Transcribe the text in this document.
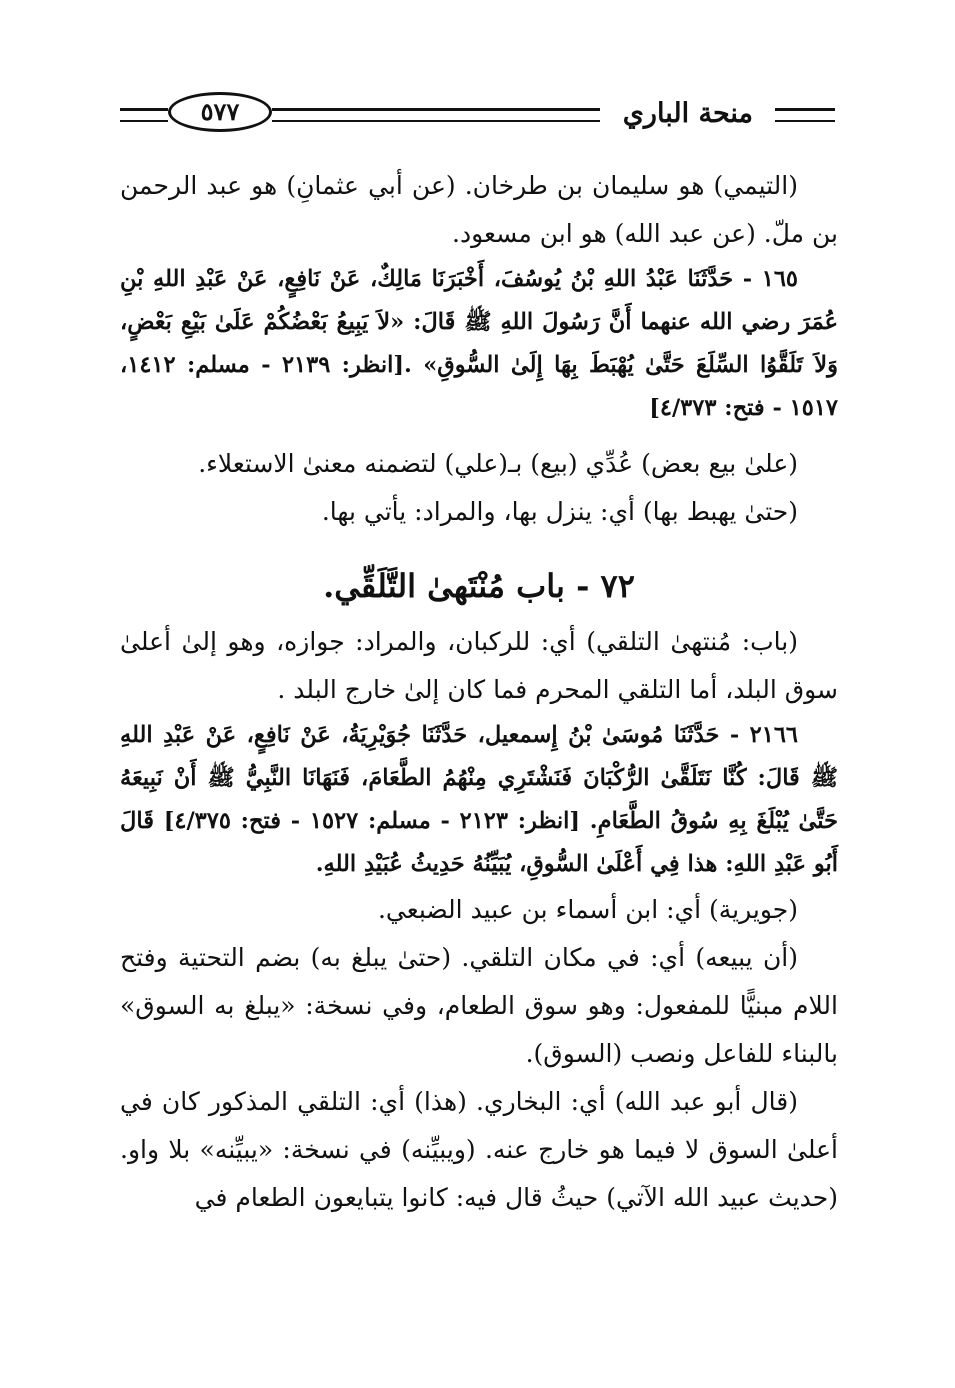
منحة الباري
٥٧٧

(التيمي) هو سليمان بن طرخان. (عن أبي عثمانِ) هو عبد الرحمن بن ملّ. (عن عبد الله) هو ابن مسعود.

١٦٥ - حَدَّثَنَا عَبْدُ اللهِ بْنُ يُوسُفَ، أَخْبَرَنَا مَالِكٌ، عَنْ نَافِعٍ، عَنْ عَبْدِ اللهِ بْنِ عُمَرَ رضي الله عنهما أَنَّ رَسُولَ اللهِ ﷺ قَالَ: «لاَ يَبِيعُ بَعْضُكُمْ عَلَىٰ بَيْعِ بَعْضٍ، وَلاَ تَلَقَّوُا السِّلَعَ حَتَّىٰ يُهْبَطَ بِهَا إِلَىٰ السُّوقِ» .[انظر: ٢١٣٩ - مسلم: ١٤١٢، ١٥١٧ - فتح: ٤/٣٧٣]

(علىٰ بيع بعض) عُدِّي (بيع) بـ(علي) لتضمنه معنىٰ الاستعلاء.

(حتىٰ يهبط بها) أي: ينزل بها، والمراد: يأتي بها.

٧٢ - باب مُنْتَهىٰ التَّلَقِّي.

(باب: مُنتهىٰ التلقي) أي: للركبان، والمراد: جوازه، وهو إلىٰ أعلىٰ سوق البلد، أما التلقي المحرم فما كان إلىٰ خارج البلد .

٢١٦٦ - حَدَّثَنَا مُوسَىٰ بْنُ إِسمعيل، حَدَّثَنَا جُوَيْرِيَةُ، عَنْ نَافِعٍ، عَنْ عَبْدِ اللهِ ﷺ قَالَ: كُنَّا نَتَلَقَّىٰ الرُّكْبَانَ فَنَشْتَرِي مِنْهُمُ الطَّعَامَ، فَنَهَانَا النَّبِيُّ ﷺ أَنْ نَبِيعَهُ حَتَّىٰ يُبْلَغَ بِهِ سُوقُ الطَّعَامِ. [انظر: ٢١٢٣ - مسلم: ١٥٢٧ - فتح: ٤/٣٧٥] قَالَ أَبُو عَبْدِ اللهِ: هذا فِي أَعْلَىٰ السُّوقِ، يُبَيِّنُهُ حَدِيثُ عُبَيْدِ اللهِ.

(جويرية) أي: ابن أسماء بن عبيد الضبعي.

(أن يبيعه) أي: في مكان التلقي. (حتىٰ يبلغ به) بضم التحتية وفتح اللام مبنيًّا للمفعول: وهو سوق الطعام، وفي نسخة: «يبلغ به السوق» بالبناء للفاعل ونصب (السوق).

(قال أبو عبد الله) أي: البخاري. (هذا) أي: التلقي المذكور كان في أعلىٰ السوق لا فيما هو خارج عنه. (ويبيِّنه) في نسخة: «يبيِّنه» بلا واو. (حديث عبيد الله الآتي) حيثُ قال فيه: كانوا يتبايعون الطعام في
